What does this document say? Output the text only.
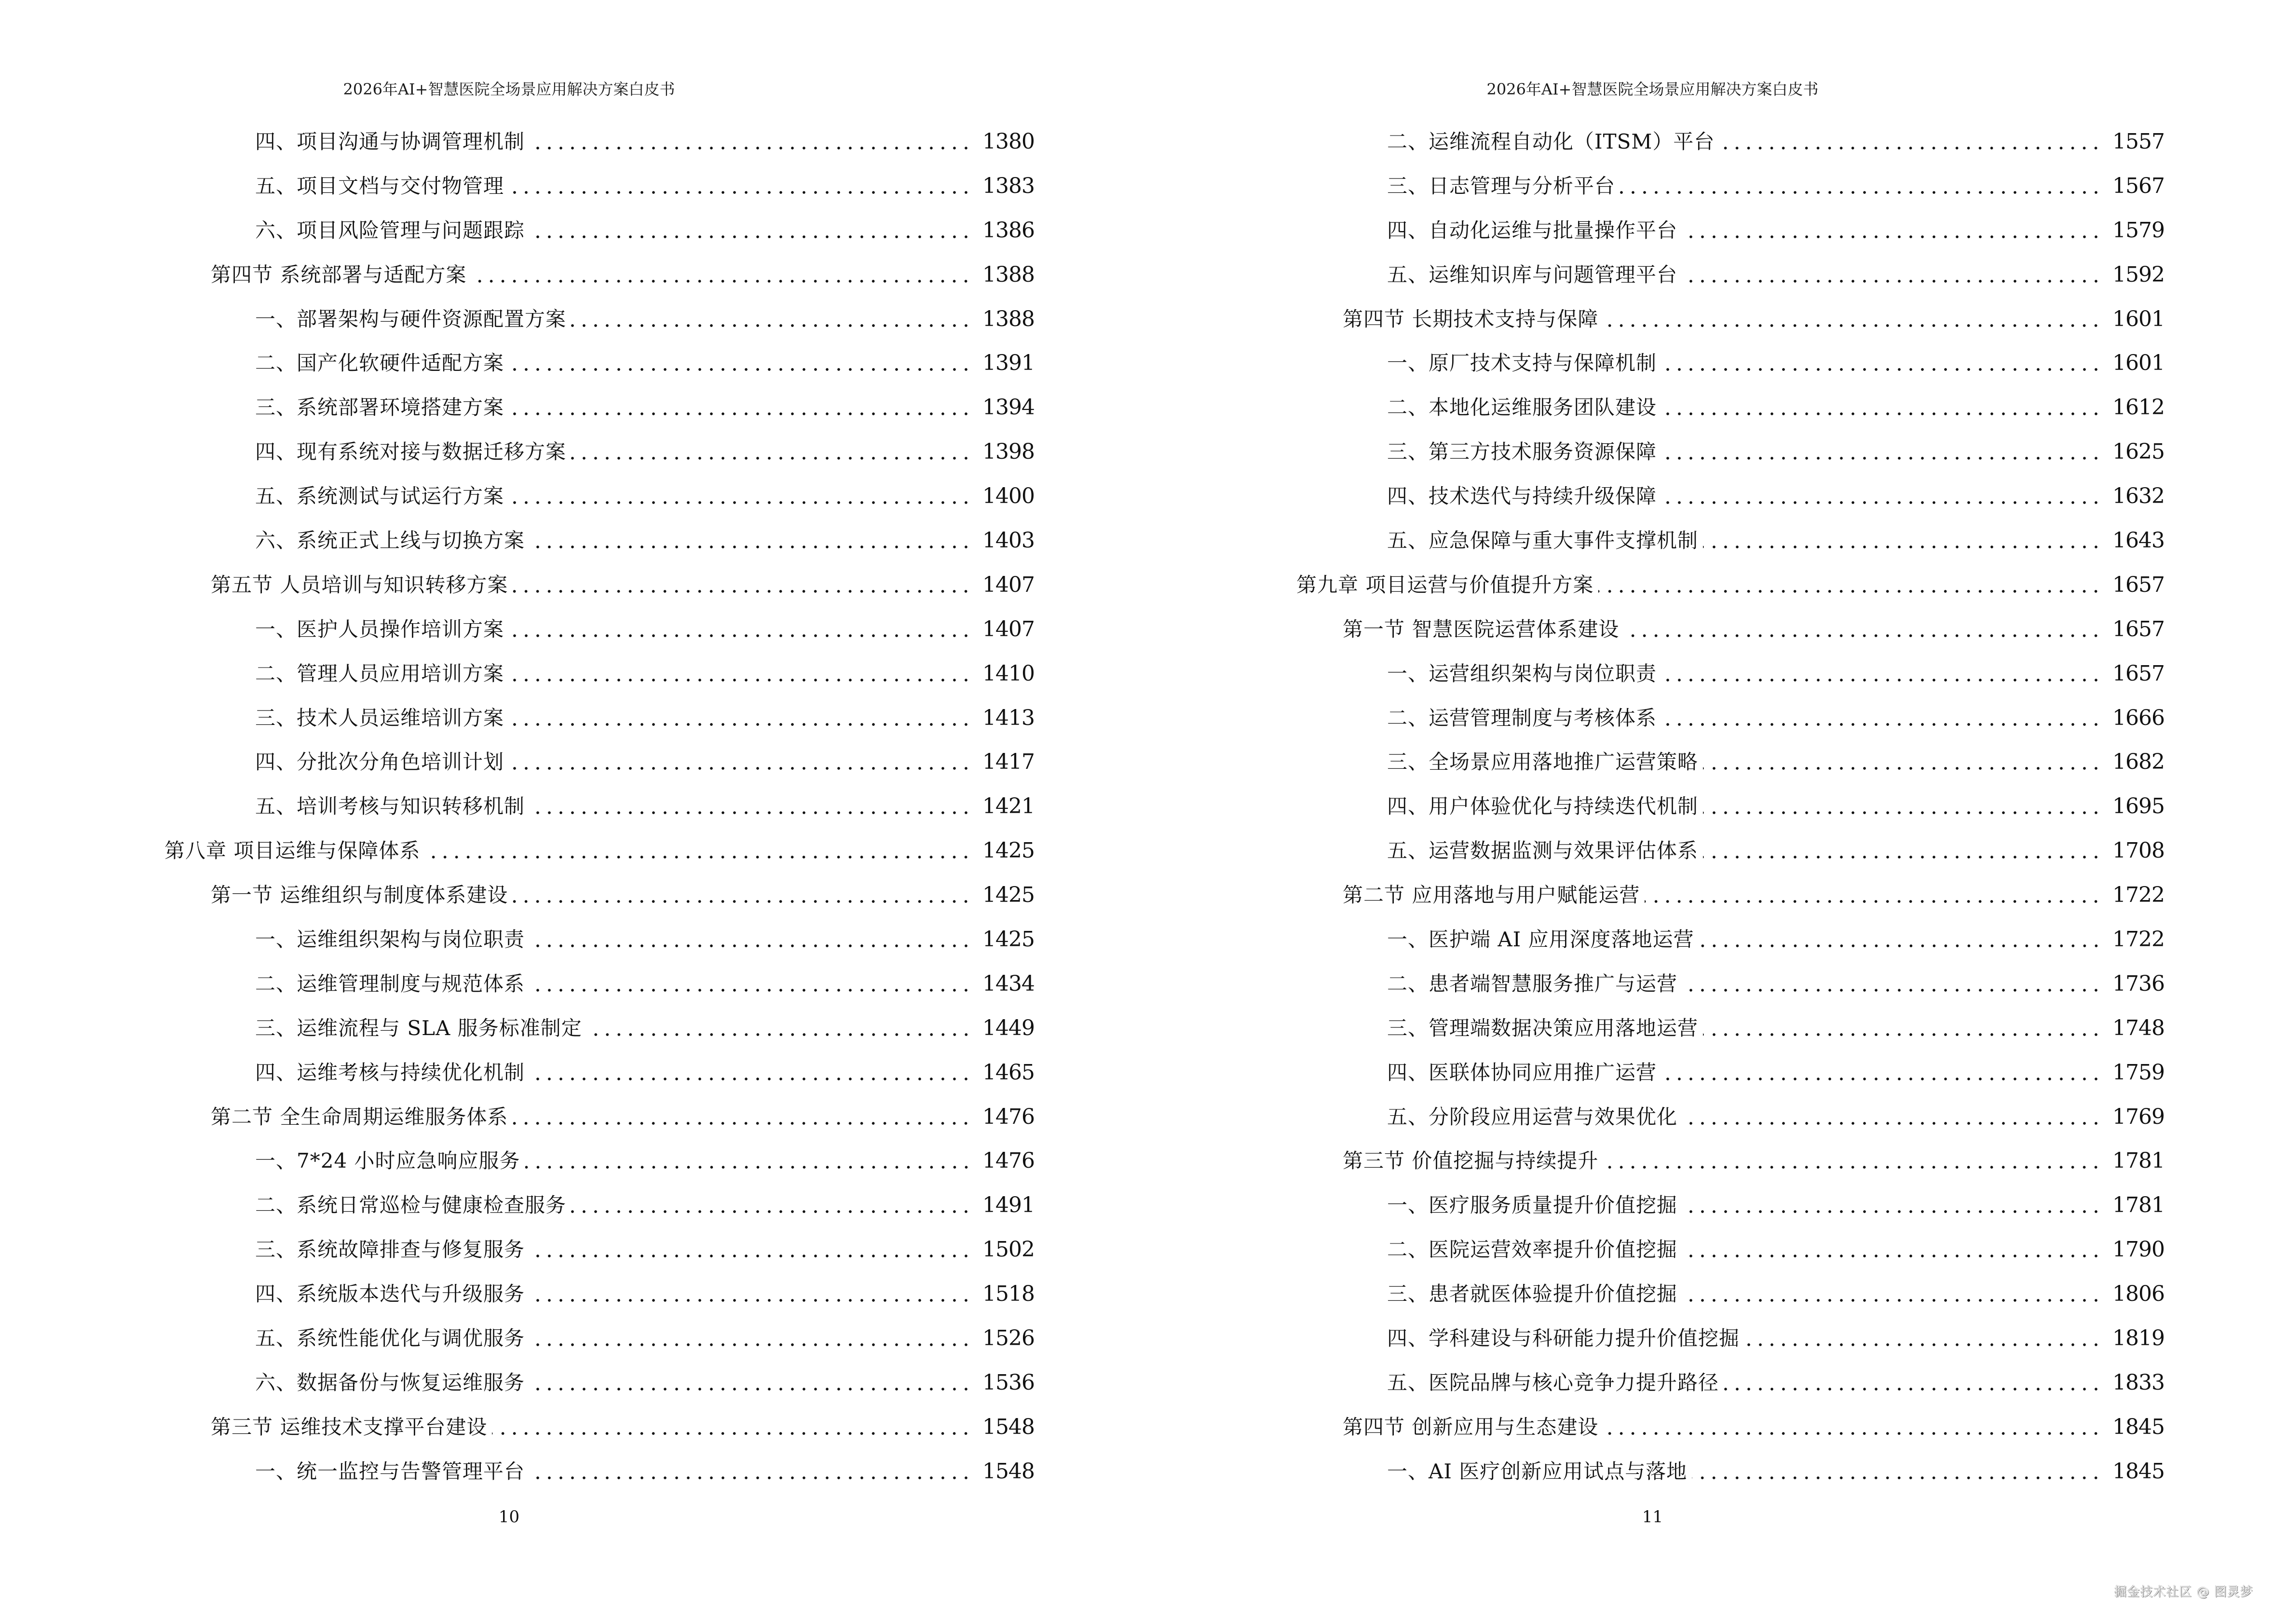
2026年AI+智慧医院全场景应用解决方案白皮书
四、项目沟通与协调管理机制	1380
五、项目文档与交付物管理	1383
六、项目风险管理与问题跟踪	1386
第四节 系统部署与适配方案	1388
一、部署架构与硬件资源配置方案	1388
二、国产化软硬件适配方案	1391
三、系统部署环境搭建方案	1394
四、现有系统对接与数据迁移方案	1398
五、系统测试与试运行方案	1400
六、系统正式上线与切换方案	1403
第五节 人员培训与知识转移方案	1407
一、医护人员操作培训方案	1407
二、管理人员应用培训方案	1410
三、技术人员运维培训方案	1413
四、分批次分角色培训计划	1417
五、培训考核与知识转移机制	1421
第八章 项目运维与保障体系	1425
第一节 运维组织与制度体系建设	1425
一、运维组织架构与岗位职责	1425
二、运维管理制度与规范体系	1434
三、运维流程与 SLA 服务标准制定	1449
四、运维考核与持续优化机制	1465
第二节 全生命周期运维服务体系	1476
一、7*24 小时应急响应服务	1476
二、系统日常巡检与健康检查服务	1491
三、系统故障排查与修复服务	1502
四、系统版本迭代与升级服务	1518
五、系统性能优化与调优服务	1526
六、数据备份与恢复运维服务	1536
第三节 运维技术支撑平台建设	1548
一、统一监控与告警管理平台	1548
10
2026年AI+智慧医院全场景应用解决方案白皮书
二、运维流程自动化（ITSM）平台	1557
三、日志管理与分析平台	1567
四、自动化运维与批量操作平台	1579
五、运维知识库与问题管理平台	1592
第四节 长期技术支持与保障	1601
一、原厂技术支持与保障机制	1601
二、本地化运维服务团队建设	1612
三、第三方技术服务资源保障	1625
四、技术迭代与持续升级保障	1632
五、应急保障与重大事件支撑机制	1643
第九章 项目运营与价值提升方案	1657
第一节 智慧医院运营体系建设	1657
一、运营组织架构与岗位职责	1657
二、运营管理制度与考核体系	1666
三、全场景应用落地推广运营策略	1682
四、用户体验优化与持续迭代机制	1695
五、运营数据监测与效果评估体系	1708
第二节 应用落地与用户赋能运营	1722
一、医护端 AI 应用深度落地运营	1722
二、患者端智慧服务推广与运营	1736
三、管理端数据决策应用落地运营	1748
四、医联体协同应用推广运营	1759
五、分阶段应用运营与效果优化	1769
第三节 价值挖掘与持续提升	1781
一、医疗服务质量提升价值挖掘	1781
二、医院运营效率提升价值挖掘	1790
三、患者就医体验提升价值挖掘	1806
四、学科建设与科研能力提升价值挖掘	1819
五、医院品牌与核心竞争力提升路径	1833
第四节 创新应用与生态建设	1845
一、AI 医疗创新应用试点与落地	1845
11
掘金技术社区 @ 图灵梦
